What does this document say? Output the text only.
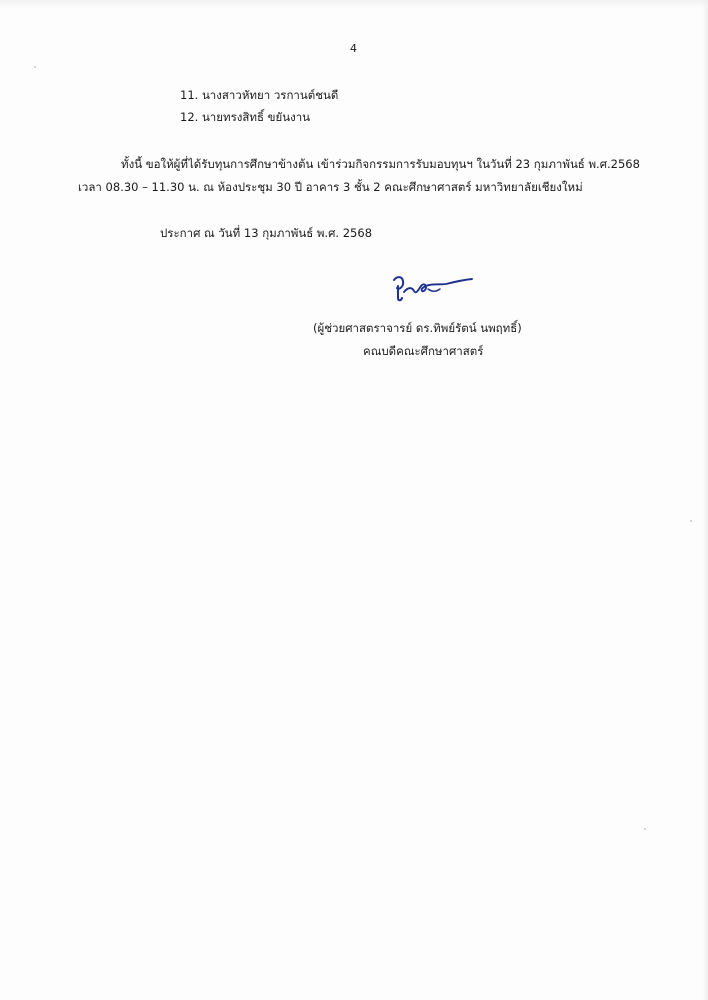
4
11. นางสาวหัทยา วรกานต์ชนดี
12. นายทรงสิทธิ์ ขยันงาน
ทั้งนี้ ขอให้ผู้ที่ได้รับทุนการศึกษาข้างต้น เข้าร่วมกิจกรรมการรับมอบทุนฯ ในวันที่ 23 กุมภาพันธ์ พ.ศ.2568
เวลา 08.30 – 11.30 น. ณ ห้องประชุม 30 ปี อาคาร 3 ชั้น 2 คณะศึกษาศาสตร์ มหาวิทยาลัยเชียงใหม่
ประกาศ ณ วันที่ 13 กุมภาพันธ์ พ.ศ. 2568
(ผู้ช่วยศาสตราจารย์ ดร.ทิพย์รัตน์ นพฤทธิ์)
คณบดีคณะศึกษาศาสตร์
